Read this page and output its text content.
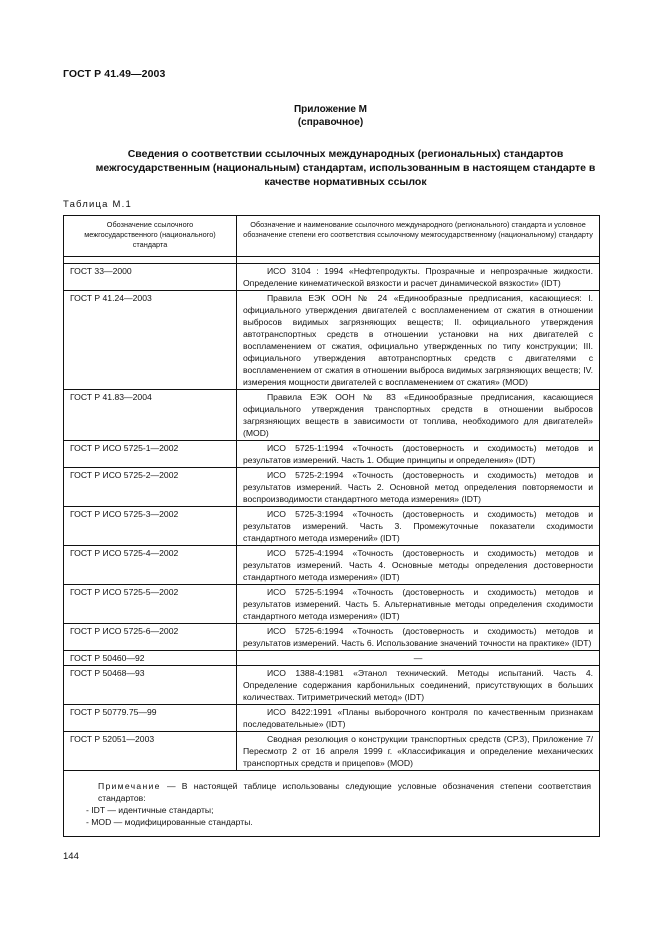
ГОСТ Р 41.49—2003
Приложение М
(справочное)
Сведения о соответствии ссылочных международных (региональных) стандартов межгосударственным (национальным) стандартам, использованным в настоящем стандарте в качестве нормативных ссылок
Таблица М.1
Обозначение ссылочного межгосударственного (национального) стандарта	Обозначение и наименование ссылочного международного (регионального) стандарта и условное обозначение степени его соответствия ссылочному межгосударственному (национальному) стандарту

ГОСТ 33—2000	ИСО 3104 : 1994 «Нефтепродукты. Прозрачные и непрозрачные жидкости. Определение кинематической вязкости и расчет динамической вязкости» (IDT)
ГОСТ Р 41.24—2003	Правила ЕЭК ООН № 24 «Единообразные предписания, касающиеся: I. официального утверждения двигателей с воспламенением от сжатия в отношении выбросов видимых загрязняющих веществ; II. официального утверждения автотранспортных средств в отношении установки на них двигателей с воспламенением от сжатия, официально утвержденных по типу конструкции; III. официального утверждения автотранспортных средств с двигателями с воспламенением от сжатия в отношении выброса видимых загрязняющих веществ; IV. измерения мощности двигателей с воспламенением от сжатия» (MOD)
ГОСТ Р 41.83—2004	Правила ЕЭК ООН № 83 «Единообразные предписания, касающиеся официального утверждения транспортных средств в отношении выбросов загрязняющих веществ в зависимости от топлива, необходимого для двигателей» (MOD)
ГОСТ Р ИСО 5725-1—2002	ИСО 5725-1:1994 «Точность (достоверность и сходимость) методов и результатов измерений. Часть 1. Общие принципы и определения» (IDT)
ГОСТ Р ИСО 5725-2—2002	ИСО 5725-2:1994 «Точность (достоверность и сходимость) методов и результатов измерений. Часть 2. Основной метод определения повторяемости и воспроизводимости стандартного метода измерения» (IDT)
ГОСТ Р ИСО 5725-3—2002	ИСО 5725-3:1994 «Точность (достоверность и сходимость) методов и результатов измерений. Часть 3. Промежуточные показатели сходимости стандартного метода измерений» (IDT)
ГОСТ Р ИСО 5725-4—2002	ИСО 5725-4:1994 «Точность (достоверность и сходимость) методов и результатов измерений. Часть 4. Основные методы определения достоверности стандартного метода измерения» (IDT)
ГОСТ Р ИСО 5725-5—2002	ИСО 5725-5:1994 «Точность (достоверность и сходимость) методов и результатов измерений. Часть 5. Альтернативные методы определения сходимости стандартного метода измерения» (IDT)
ГОСТ Р ИСО 5725-6—2002	ИСО 5725-6:1994 «Точность (достоверность и сходимость) методов и результатов измерений. Часть 6. Использование значений точности на практике» (IDT)
ГОСТ Р 50460—92	—
ГОСТ Р 50468—93	ИСО 1388-4:1981 «Этанол технический. Методы испытаний. Часть 4. Определение содержания карбонильных соединений, присутствующих в больших количествах. Титриметрический метод» (IDT)
ГОСТ Р 50779.75—99	ИСО 8422:1991 «Планы выборочного контроля по качественным признакам последовательные» (IDT)
ГОСТ Р 52051—2003	Сводная резолюция о конструкции транспортных средств (СР.3), Приложение 7/Пересмотр 2 от 16 апреля 1999 г. «Классификация и определение механических транспортных средств и прицепов» (MOD)
Примечание — В настоящей таблице использованы следующие условные обозначения степени соответствия стандартов:
- IDT — идентичные стандарты;
- MOD — модифицированные стандарты.
144
